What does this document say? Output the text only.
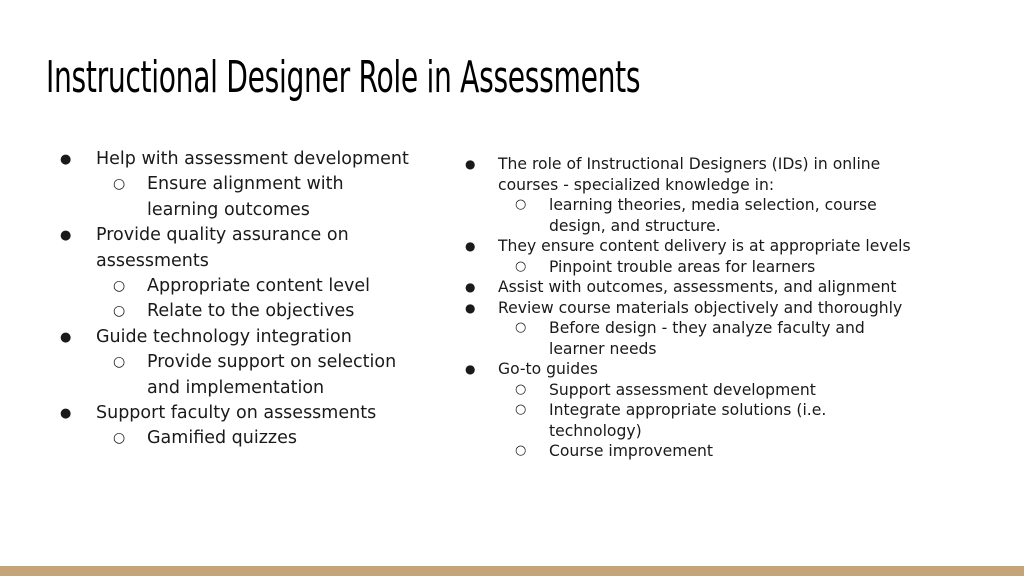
Instructional Designer Role in Assessments
● Help with assessment development
○ Ensure alignment with learning outcomes
● Provide quality assurance on assessments
○ Appropriate content level
○ Relate to the objectives
● Guide technology integration
○ Provide support on selection and implementation
● Support faculty on assessments
○ Gamified quizzes
● The role of Instructional Designers (IDs) in online courses - specialized knowledge in:
○ learning theories, media selection, course design, and structure.
● They ensure content delivery is at appropriate levels
○ Pinpoint trouble areas for learners
● Assist with outcomes, assessments, and alignment
● Review course materials objectively and thoroughly
○ Before design - they analyze faculty and learner needs
● Go-to guides
○ Support assessment development
○ Integrate appropriate solutions (i.e. technology)
○ Course improvement
